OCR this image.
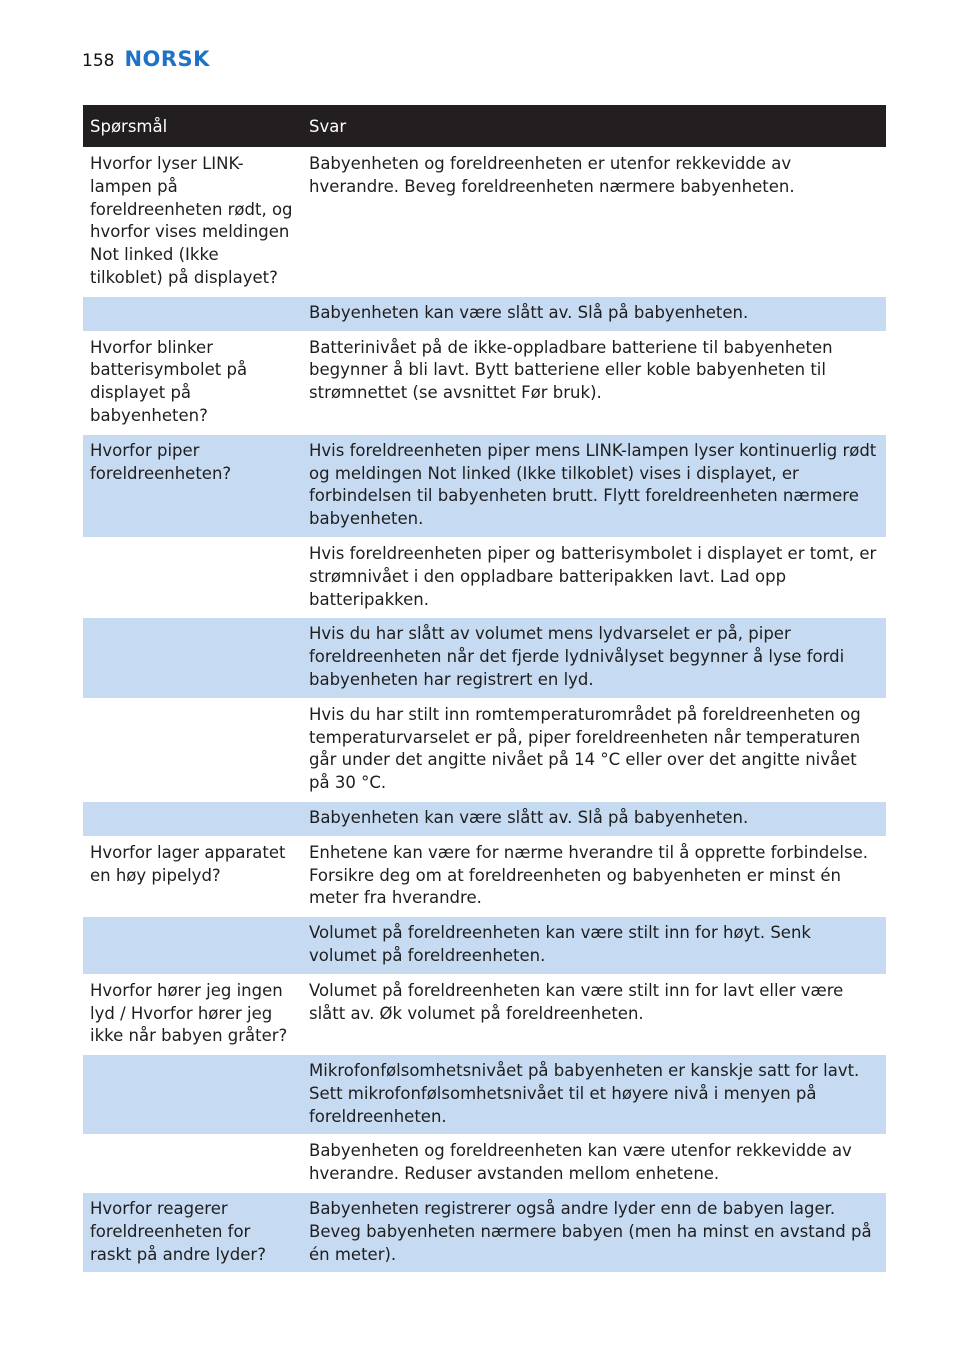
158 NORSK
Spørsmål	Svar
Hvorfor lyser LINK-lampen på foreldreenheten rødt, og hvorfor vises meldingen Not linked (Ikke tilkoblet) på displayet?	Babyenheten og foreldreenheten er utenfor rekkevidde av hverandre. Beveg foreldreenheten nærmere babyenheten.
	Babyenheten kan være slått av. Slå på babyenheten.
Hvorfor blinker batterisymbolet på displayet på babyenheten?	Batterinivået på de ikke-oppladbare batteriene til babyenheten begynner å bli lavt. Bytt batteriene eller koble babyenheten til strømnettet (se avsnittet Før bruk).
Hvorfor piper foreldreenheten?	Hvis foreldreenheten piper mens LINK-lampen lyser kontinuerlig rødt og meldingen Not linked (Ikke tilkoblet) vises i displayet, er forbindelsen til babyenheten brutt. Flytt foreldreenheten nærmere babyenheten.
	Hvis foreldreenheten piper og batterisymbolet i displayet er tomt, er strømnivået i den oppladbare batteripakken lavt. Lad opp batteripakken.
	Hvis du har slått av volumet mens lydvarselet er på, piper foreldreenheten når det fjerde lydnivålyset begynner å lyse fordi babyenheten har registrert en lyd.
	Hvis du har stilt inn romtemperaturområdet på foreldreenheten og temperaturvarselet er på, piper foreldreenheten når temperaturen går under det angitte nivået på 14 °C eller over det angitte nivået på 30 °C.
	Babyenheten kan være slått av. Slå på babyenheten.
Hvorfor lager apparatet en høy pipelyd?	Enhetene kan være for nærme hverandre til å opprette forbindelse. Forsikre deg om at foreldreenheten og babyenheten er minst én meter fra hverandre.
	Volumet på foreldreenheten kan være stilt inn for høyt. Senk volumet på foreldreenheten.
Hvorfor hører jeg ingen lyd / Hvorfor hører jeg ikke når babyen gråter?	Volumet på foreldreenheten kan være stilt inn for lavt eller være slått av. Øk volumet på foreldreenheten.
	Mikrofonfølsomhetsnivået på babyenheten er kanskje satt for lavt. Sett mikrofonfølsomhetsnivået til et høyere nivå i menyen på foreldreenheten.
	Babyenheten og foreldreenheten kan være utenfor rekkevidde av hverandre. Reduser avstanden mellom enhetene.
Hvorfor reagerer foreldreenheten for raskt på andre lyder?	Babyenheten registrerer også andre lyder enn de babyen lager. Beveg babyenheten nærmere babyen (men ha minst en avstand på én meter).
